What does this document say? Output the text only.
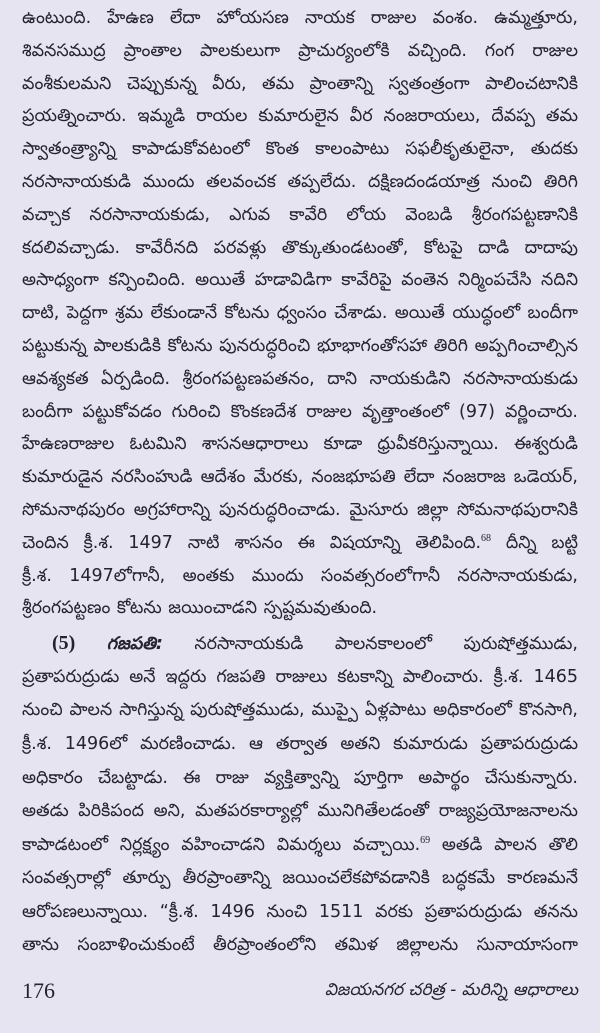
ఉంటుంది. హేఉణ లేదా హోయసణ నాయక రాజుల వంశం. ఉమ్మత్తూరు,
శివనసముద్ర ప్రాంతాల పాలకులుగా ప్రాచుర్యంలోకి వచ్చింది. గంగ రాజుల
వంశీకులమని చెప్పుకున్న వీరు, తమ ప్రాంతాన్ని స్వతంత్రంగా పాలించటానికి
ప్రయత్నించారు. ఇమ్మడి రాయల కుమారులైన వీర నంజరాయలు, దేవప్ప తమ
స్వాతంత్ర్యాన్ని కాపాడుకోవటంలో కొంత కాలంపాటు సఫలీకృతులైనా, తుదకు
నరసానాయకుడి ముందు తలవంచక తప్పలేదు. దక్షిణదండయాత్ర నుంచి తిరిగి
వచ్చాక నరసానాయకుడు, ఎగువ కావేరి లోయ వెంబడి శ్రీరంగపట్టణానికి
కదలివచ్చాడు. కావేరీనది పరవళ్లు తొక్కుతుండటంతో, కోటపై దాడి దాదాపు
అసాధ్యంగా కన్పించింది. అయితే హడావిడిగా కావేరిపై వంతెన నిర్మింపచేసి నదిని
దాటి, పెద్దగా శ్రమ లేకుండానే కోటను ధ్వంసం చేశాడు. అయితే యుద్ధంలో బందీగా
పట్టుకున్న పాలకుడికి కోటను పునరుద్ధరించి భూభాగంతోసహా తిరిగి అప్పగించాల్సిన
ఆవశ్యకత ఏర్పడింది. శ్రీరంగపట్టణపతనం, దాని నాయకుడిని నరసానాయకుడు
బందీగా పట్టుకోవడం గురించి కొంకణదేశ రాజుల వృత్తాంతంలో (97) వర్ణించారు.
హేఉణరాజుల ఓటమిని శాసనఆధారాలు కూడా ధ్రువీకరిస్తున్నాయి. ఈశ్వరుడి
కుమారుడైన నరసింహుడి ఆదేశం మేరకు, నంజభూపతి లేదా నంజరాజ ఒడెయర్,
సోమనాథపురం అగ్రహారాన్ని పునరుద్ధరించాడు. మైసూరు జిల్లా సోమనాథపురానికి
చెందిన క్రీ.శ. 1497 నాటి శాసనం ఈ విషయాన్ని తెలిపింది.$^{68}$ దీన్ని బట్టి
క్రీ.శ. 1497లోగానీ, అంతకు ముందు సంవత్సరంలోగానీ నరసానాయకుడు,
శ్రీరంగపట్టణం కోటను జయించాడని స్పష్టమవుతుంది.
(5) గజపతి: నరసానాయకుడి పాలనకాలంలో పురుషోత్తముడు,
ప్రతాపరుద్రుడు అనే ఇద్దరు గజపతి రాజులు కటకాన్ని పాలించారు. క్రీ.శ. 1465
నుంచి పాలన సాగిస్తున్న పురుషోత్తముడు, ముప్పై ఏళ్లపాటు అధికారంలో కొనసాగి,
క్రీ.శ. 1496లో మరణించాడు. ఆ తర్వాత అతని కుమారుడు ప్రతాపరుద్రుడు
అధికారం చేబట్టాడు. ఈ రాజు వ్యక్తిత్వాన్ని పూర్తిగా అపార్థం చేసుకున్నారు.
అతడు పిరికిపంద అని, మతపరకార్యాల్లో మునిగితేలడంతో రాజ్యప్రయోజనాలను
కాపాడటంలో నిర్లక్ష్యం వహించాడని విమర్శలు వచ్చాయి.$^{69}$ అతడి పాలన తొలి
సంవత్సరాల్లో తూర్పు తీరప్రాంతాన్ని జయించలేకపోవడానికి బద్ధకమే కారణమనే
ఆరోపణలున్నాయి. “క్రీ.శ. 1496 నుంచి 1511 వరకు ప్రతాపరుద్రుడు తనను
తాను సంబాళించుకుంటే తీరప్రాంతంలోని తమిళ జిల్లాలను సునాయాసంగా
176	విజయనగర చరిత్ర - మరిన్ని ఆధారాలు
